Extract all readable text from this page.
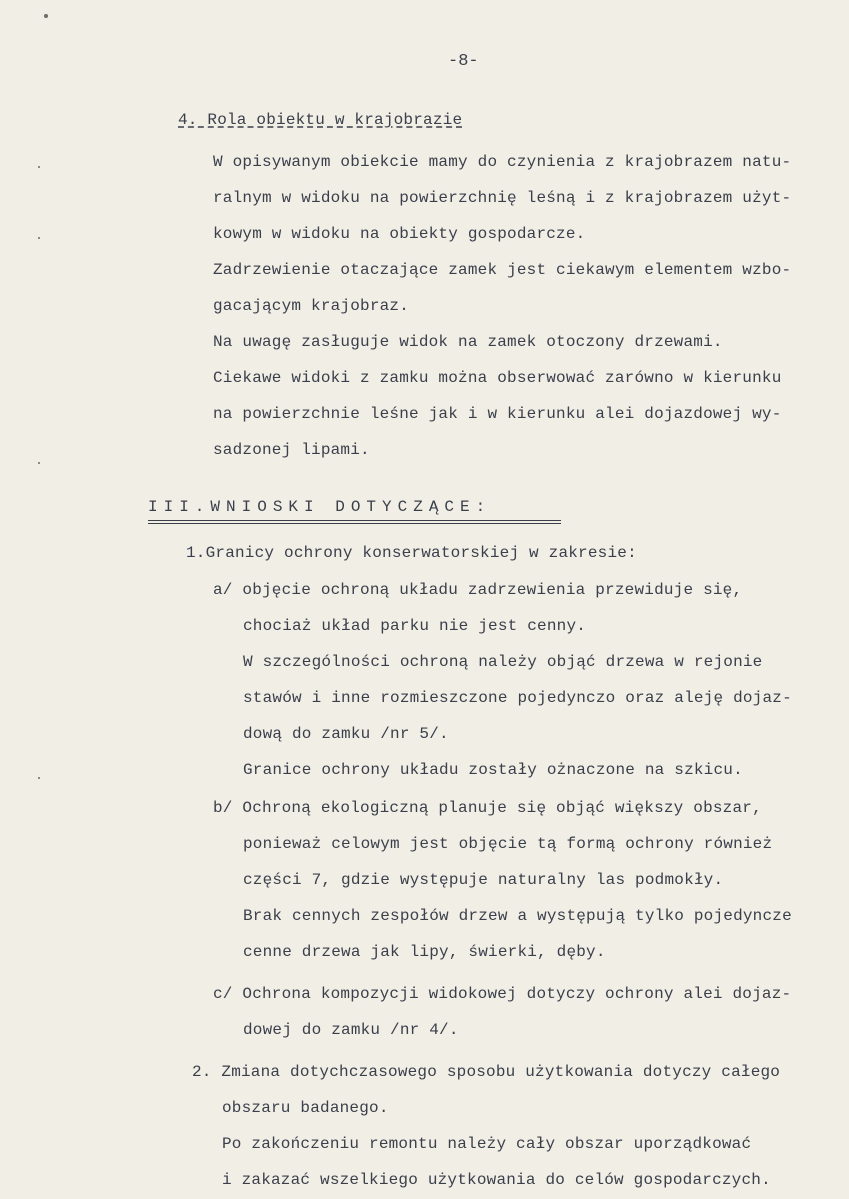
-8-
4. Rola obiektu w krajobrazie
W opisywanym obiekcie mamy do czynienia z krajobrazem natu-
ralnym w widoku na powierzchnię leśną i z krajobrazem użyt-
kowym w widoku na obiekty gospodarcze.
Zadrzewienie otaczające zamek jest ciekawym elementem wzbo-
gacającym krajobraz.
Na uwagę zasługuje widok na zamek otoczony drzewami.
Ciekawe widoki z zamku można obserwować zarówno w kierunku
na powierzchnie leśne jak i w kierunku alei dojazdowej wy-
sadzonej lipami.
III.WNIOSKI DOTYCZĄCE:
1.Granicy ochrony konserwatorskiej w zakresie:
a/ objęcie ochroną układu zadrzewienia przewiduje się,
chociaż układ parku nie jest cenny.
W szczególności ochroną należy objąć drzewa w rejonie
stawów i inne rozmieszczone pojedynczo oraz aleję dojaz-
dową do zamku /nr 5/.
Granice ochrony układu zostały ożnaczone na szkicu.
b/ Ochroną ekologiczną planuje się objąć większy obszar,
ponieważ celowym jest objęcie tą formą ochrony również
części 7, gdzie występuje naturalny las podmokły.
Brak cennych zespołów drzew a występują tylko pojedyncze
cenne drzewa jak lipy, świerki, dęby.
c/ Ochrona kompozycji widokowej dotyczy ochrony alei dojaz-
dowej do zamku /nr 4/.
2. Zmiana dotychczasowego sposobu użytkowania dotyczy całego
obszaru badanego.
Po zakończeniu remontu należy cały obszar uporządkować
i zakazać wszelkiego użytkowania do celów gospodarczych.
